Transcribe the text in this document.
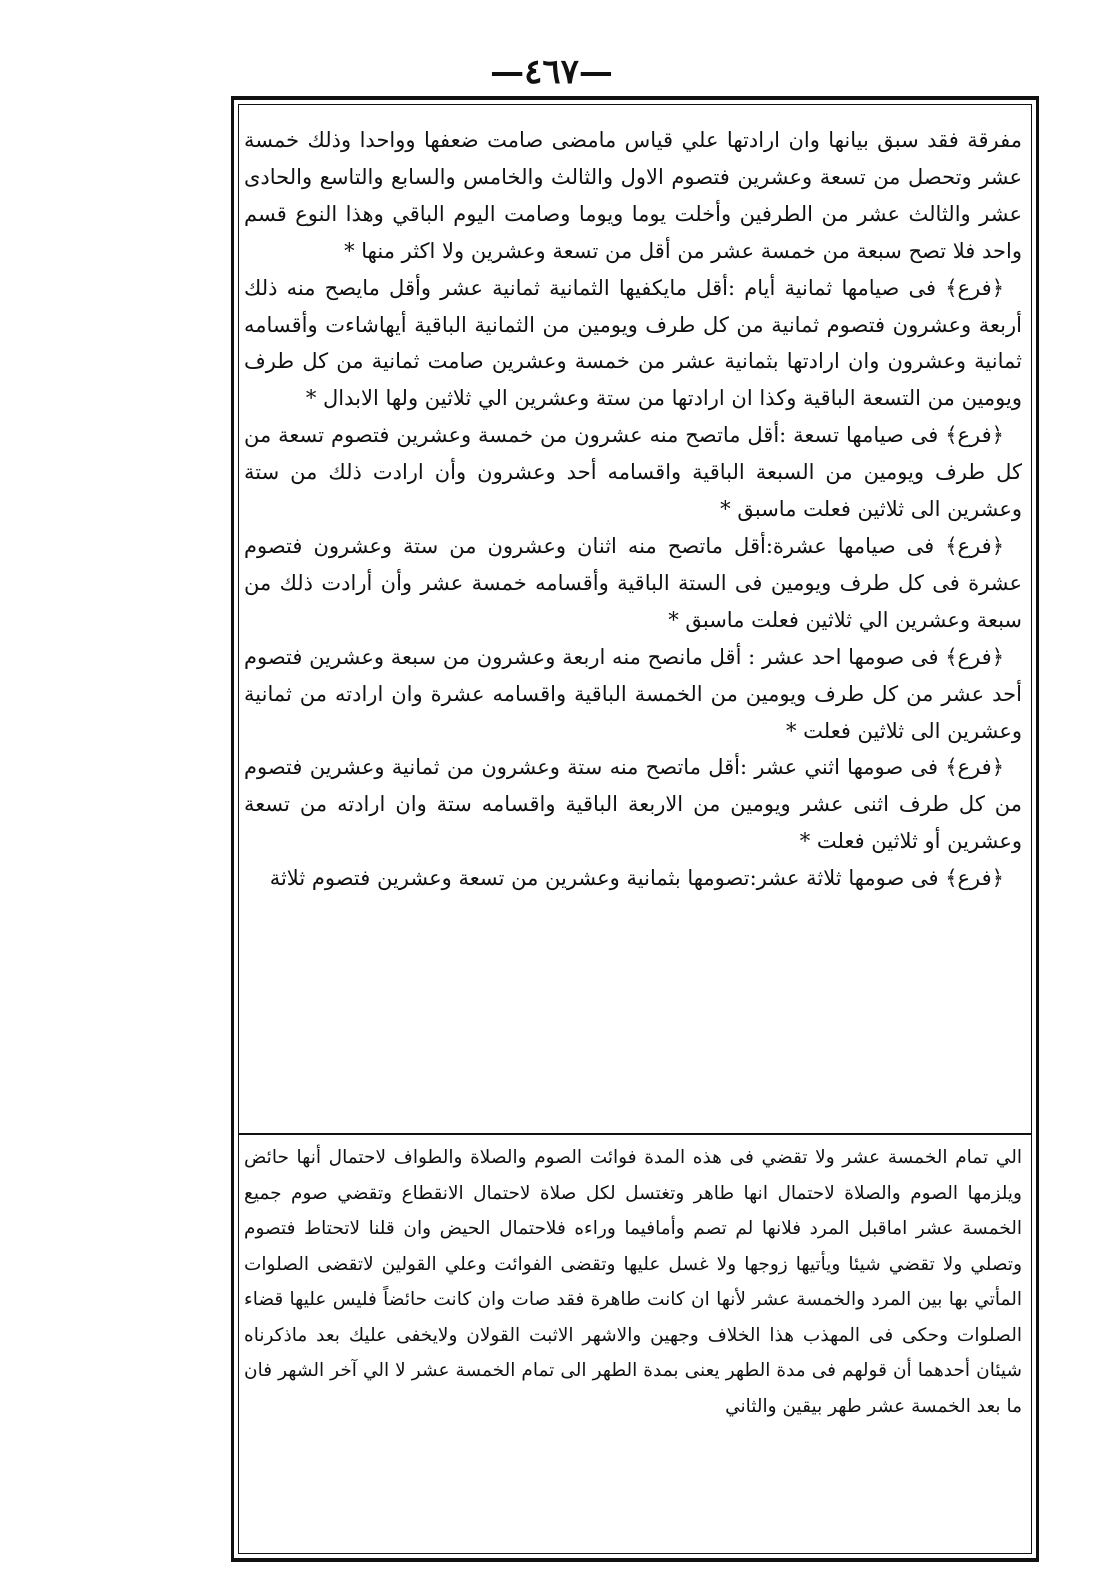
—٤٦٧—

مفرقة فقد سبق بيانها وان ارادتها علي قياس مامضى صامت ضعفها وواحدا وذلك خمسة عشر وتحصل من تسعة وعشرين فتصوم الاول والثالث والخامس والسابع والتاسع والحادى عشر والثالث عشر من الطرفين وأخلت يوما ويوما وصامت اليوم الباقي وهذا النوع قسم واحد فلا تصح سبعة من خمسة عشر من أقل من تسعة وعشرين ولا اكثر منها *

﴿فرع﴾ فى صيامها ثمانية أيام :أقل مايكفيها الثمانية ثمانية عشر وأقل مايصح منه ذلك أربعة وعشرون فتصوم ثمانية من كل طرف ويومين من الثمانية الباقية أيهاشاءت وأقسامه ثمانية وعشرون وان ارادتها بثمانية عشر من خمسة وعشرين صامت ثمانية من كل طرف ويومين من التسعة الباقية وكذا ان ارادتها من ستة وعشرين الي ثلاثين ولها الابدال *

﴿فرع﴾ فى صيامها تسعة :أقل ماتصح منه عشرون من خمسة وعشرين فتصوم تسعة من كل طرف ويومين من السبعة الباقية واقسامه أحد وعشرون وأن ارادت ذلك من ستة وعشرين الى ثلاثين فعلت ماسبق *

﴿فرع﴾ فى صيامها عشرة:أقل ماتصح منه اثنان وعشرون من ستة وعشرون فتصوم عشرة فى كل طرف ويومين فى الستة الباقية وأقسامه خمسة عشر وأن أرادت ذلك من سبعة وعشرين الي ثلاثين فعلت ماسبق *

﴿فرع﴾ فى صومها احد عشر : أقل مانصح منه اربعة وعشرون من سبعة وعشرين فتصوم أحد عشر من كل طرف ويومين من الخمسة الباقية واقسامه عشرة وان ارادته من ثمانية وعشرين الى ثلاثين فعلت *

﴿فرع﴾ فى صومها اثني عشر :أقل ماتصح منه ستة وعشرون من ثمانية وعشرين فتصوم من كل طرف اثنى عشر ويومين من الاربعة الباقية واقسامه ستة وان ارادته من تسعة وعشرين أو ثلاثين فعلت *

﴿فرع﴾ فى صومها ثلاثة عشر:تصومها بثمانية وعشرين من تسعة وعشرين فتصوم ثلاثة

الي تمام الخمسة عشر ولا تقضي فى هذه المدة فوائت الصوم والصلاة والطواف لاحتمال أنها حائض ويلزمها الصوم والصلاة لاحتمال انها طاهر وتغتسل لكل صلاة لاحتمال الانقطاع وتقضي صوم جميع الخمسة عشر اماقبل المرد فلانها لم تصم وأمافيما وراءه فلاحتمال الحيض وان قلنا لاتحتاط فتصوم وتصلي ولا تقضي شيئا ويأتيها زوجها ولا غسل عليها وتقضى الفوائت وعلي القولين لاتقضى الصلوات المأتي بها بين المرد والخمسة عشر لأنها ان كانت طاهرة فقد صات وان كانت حائضاً فليس عليها قضاء الصلوات وحكى فى المهذب هذا الخلاف وجهين والاشهر الاثبت القولان ولايخفى عليك بعد ماذكرناه شيئان أحدهما أن قولهم فى مدة الطهر يعنى بمدة الطهر الى تمام الخمسة عشر لا الي آخر الشهر فان ما بعد الخمسة عشر طهر بيقين والثاني
